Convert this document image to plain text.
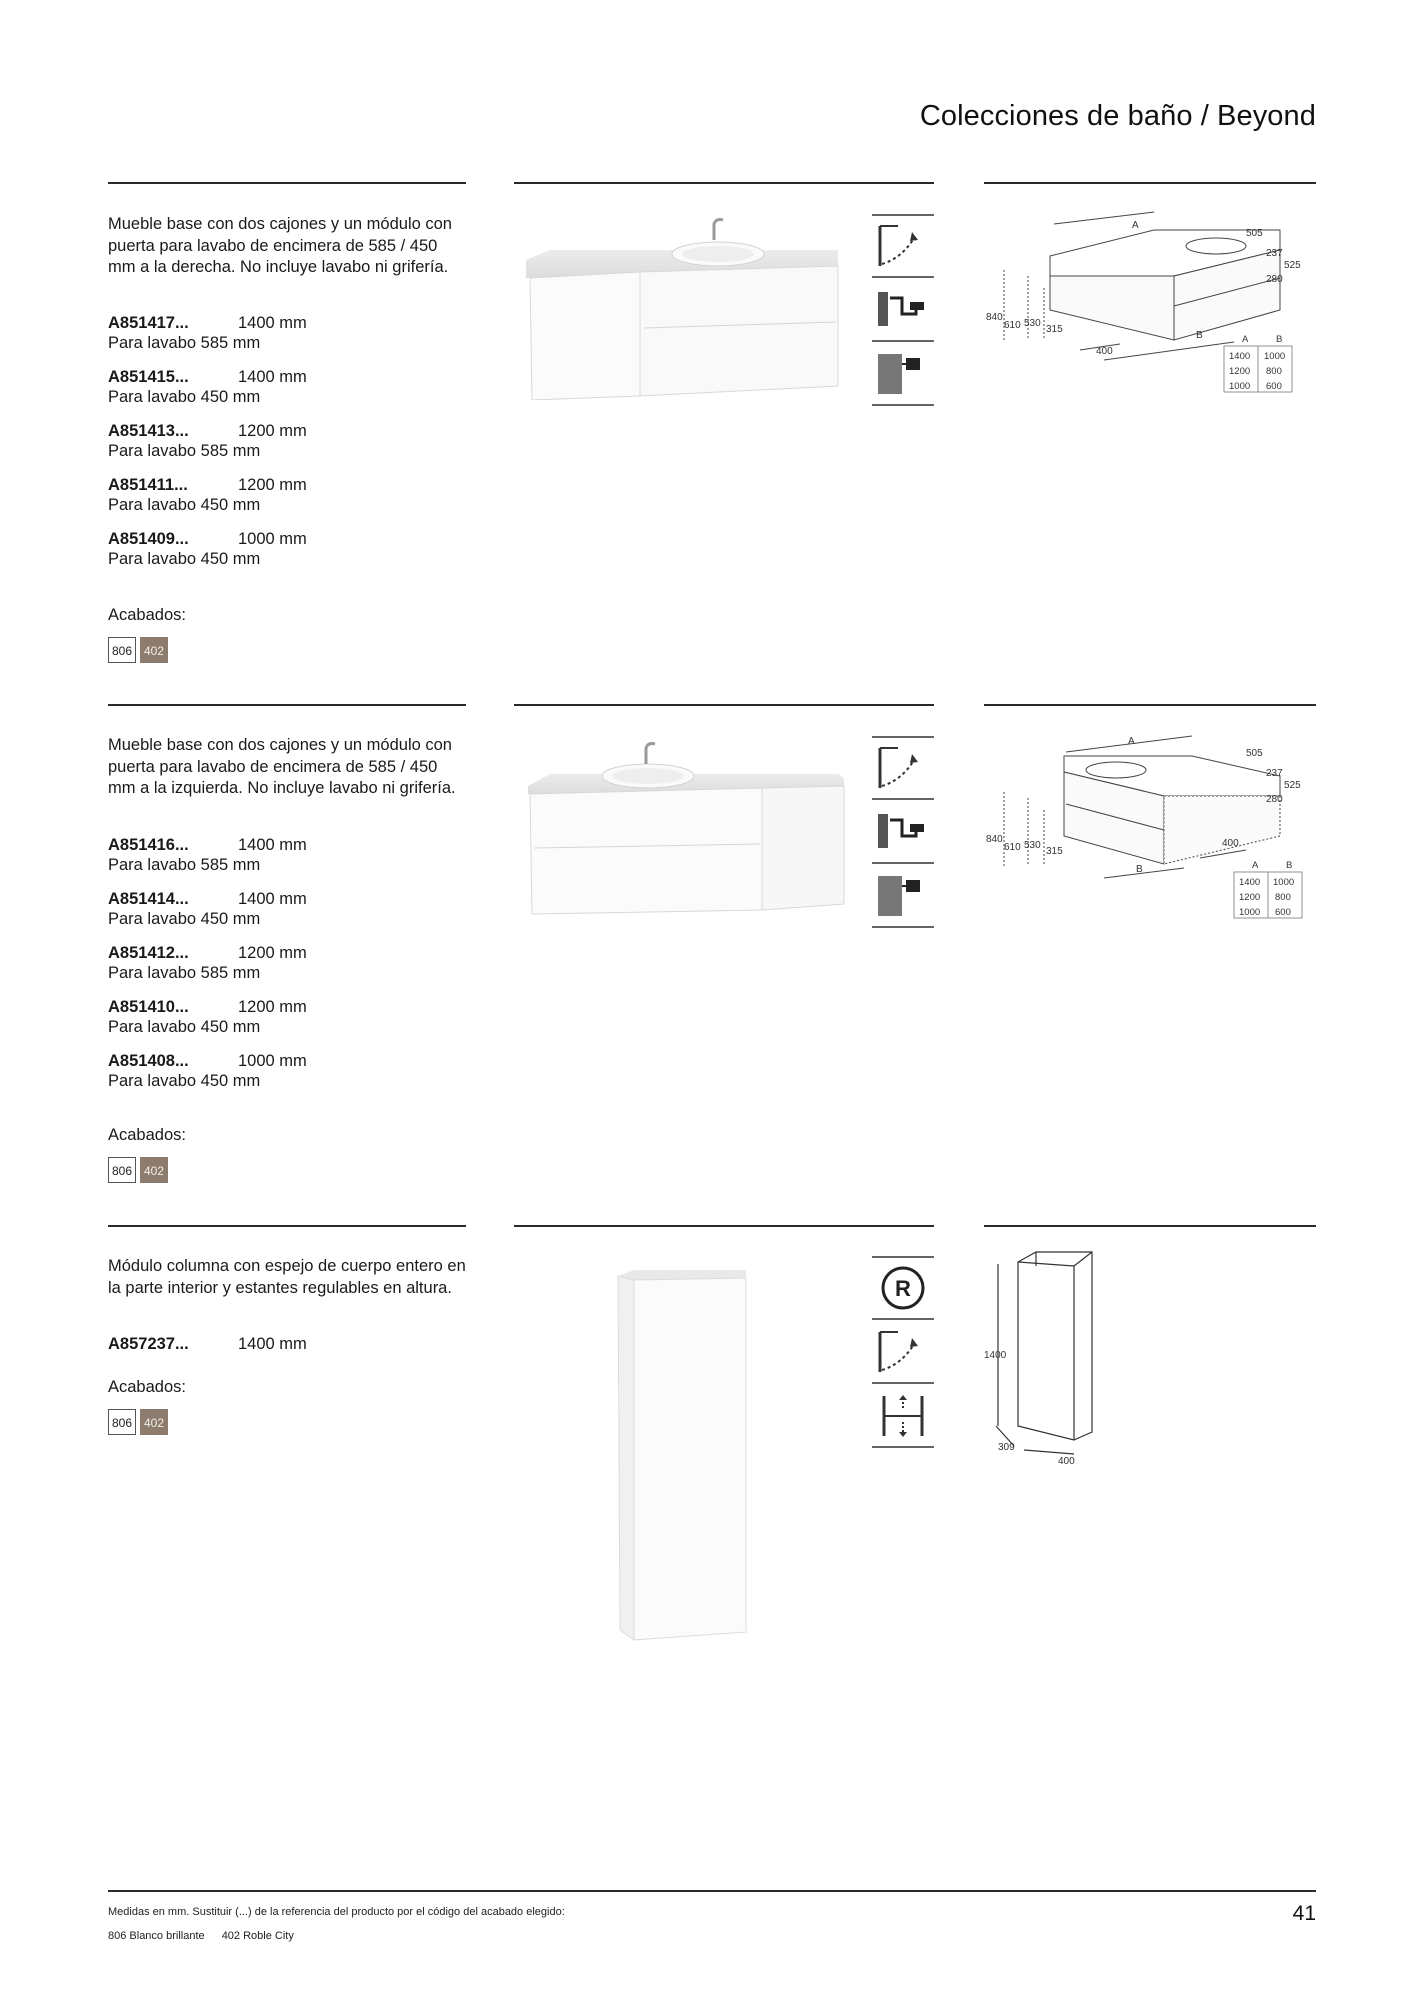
Colecciones de baño / Beyond
Mueble base con dos cajones y un módulo con puerta para lavabo de encimera de 585 / 450 mm a la derecha. No incluye lavabo ni grifería.
A851417...	1400 mm
Para lavabo 585 mm
A851415...	1400 mm
Para lavabo 450 mm
A851413...	1200 mm
Para lavabo 585 mm
A851411...	1200 mm
Para lavabo 450 mm
A851409...	1000 mm
Para lavabo 450 mm
Acabados:
806 402
A
B
505
237
525
280
840
610 530
315
400
A	B
1400 1000
1200 800
1000 600
Mueble base con dos cajones y un módulo con puerta para lavabo de encimera de 585 / 450 mm a la izquierda. No incluye lavabo ni grifería.
A851416...	1400 mm
Para lavabo 585 mm
A851414...	1400 mm
Para lavabo 450 mm
A851412...	1200 mm
Para lavabo 585 mm
A851410...	1200 mm
Para lavabo 450 mm
A851408...	1000 mm
Para lavabo 450 mm
Acabados:
806 402
A
B
505
237
525
280
840
610 530
315
400
A	B
1400 1000
1200 800
1000 600
Módulo columna con espejo de cuerpo entero en la parte interior y estantes regulables en altura.
A857237...	1400 mm
Acabados:
806 402
R
1400
309
400
Medidas en mm. Sustituir (...) de la referencia del producto por el código del acabado elegido:
806 Blanco brillante 402 Roble City
41
